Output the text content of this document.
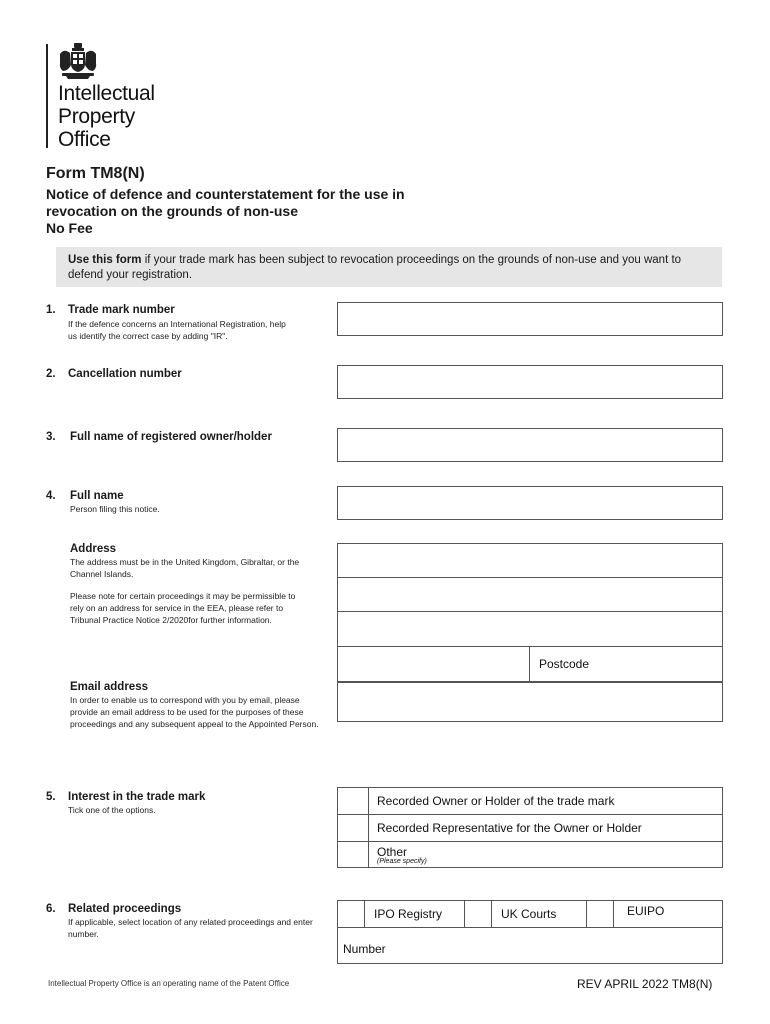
Intellectual
Property
Office
Form TM8(N)
Notice of defence and counterstatement for the use in revocation on the grounds of non-use
No Fee

Use this form if your trade mark has been subject to revocation proceedings on the grounds of non-use and you want to defend your registration.

1. Trade mark number
If the defence concerns an International Registration, help us identify the correct case by adding "IR".
2. Cancellation number
3. Full name of registered owner/holder
4. Full name
Person filing this notice.
Address
The address must be in the United Kingdom, Gibraltar, or the Channel Islands.
Please note for certain proceedings it may be permissible to rely on an address for service in the EEA, please refer to Tribunal Practice Notice 2/2020for further information.
Postcode
Email address
In order to enable us to correspond with you by email, please provide an email address to be used for the purposes of these proceedings and any subsequent appeal to the Appointed Person.
5. Interest in the trade mark
Tick one of the options.
Recorded Owner or Holder of the trade mark
Recorded Representative for the Owner or Holder
Other
(Please specify)
6. Related proceedings
If applicable, select location of any related proceedings and enter number.
IPO Registry	UK Courts	EUIPO
Number
Intellectual Property Office is an operating name of the Patent Office	REV APRIL 2022 TM8(N)
